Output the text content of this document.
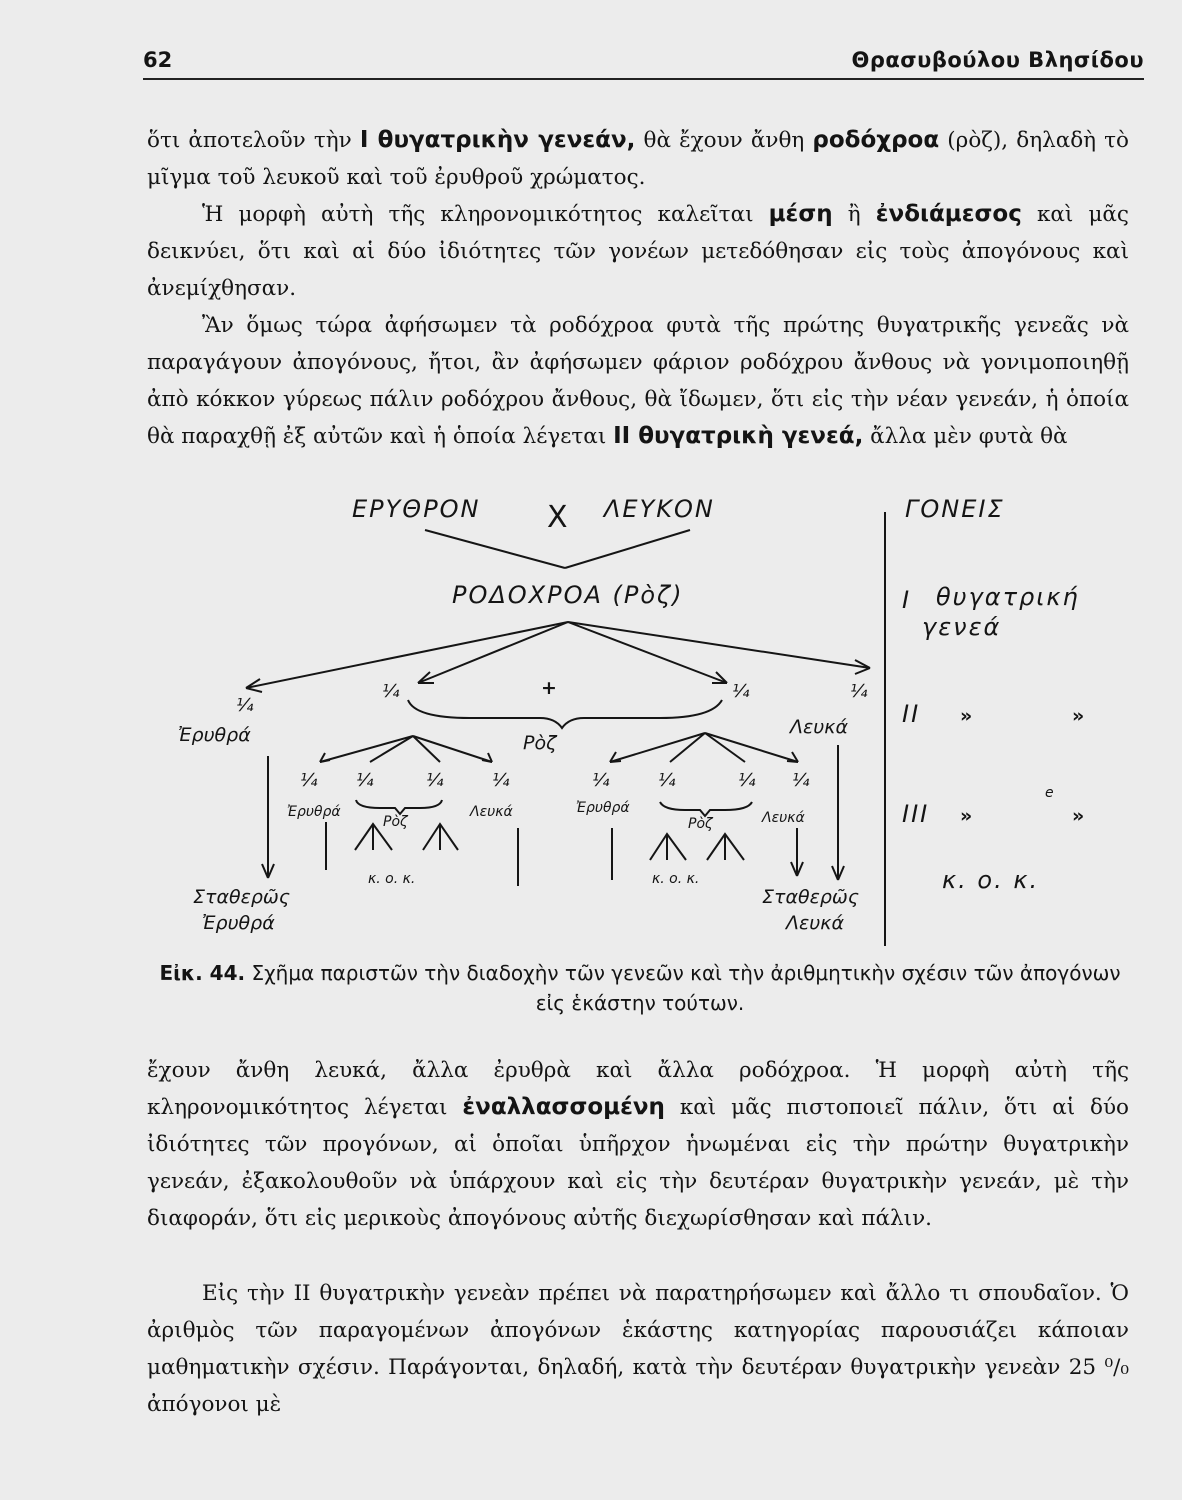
62	Θρασυβούλου Βλησίδου
ὅτι ἀποτελοῦν τὴν I θυγατρικὴν γενεάν, θὰ ἔχουν ἄνθη ροδόχροα (ρὸζ), δηλαδὴ τὸ μῖγμα τοῦ λευκοῦ καὶ τοῦ ἐρυθροῦ χρώματος.
Ἡ μορφὴ αὐτὴ τῆς κληρονομικότητος καλεῖται μέση ἢ ἐνδιάμεσος καὶ μᾶς δεικνύει, ὅτι καὶ αἱ δύο ἰδιότητες τῶν γονέων μετεδόθησαν εἰς τοὺς ἀπογόνους καὶ ἀνεμίχθησαν.
Ἂν ὅμως τώρα ἀφήσωμεν τὰ ροδόχροα φυτὰ τῆς πρώτης θυγατρικῆς γενεᾶς νὰ παραγάγουν ἀπογόνους, ἤτοι, ἂν ἀφήσωμεν φάριον ροδόχρου ἄνθους νὰ γονιμοποιηθῇ ἀπὸ κόκκον γύρεως πάλιν ροδόχρου ἄνθους, θὰ ἴδωμεν, ὅτι εἰς τὴν νέαν γενεάν, ἡ ὁποία θὰ παραχθῇ ἐξ αὐτῶν καὶ ἡ ὁποία λέγεται II θυγατρικὴ γενεά, ἄλλα μὲν φυτὰ θὰ
ΕΡΥΘΡΟΝ X ΛΕΥΚΟΝ
ΡΟΔΟΧΡΟΑ (Ρὸζ)
¼
Ἐρυθρά
¼	+	¼
Ρὸζ
¼
Λευκά
¼ ¼	¼	¼
Ἐρυθρά
Ρὸζ
Λευκά
κ. ο. κ.
¼	¼	¼ ¼
Ἐρυθρά
Ρὸζ	Λευκά
κ. ο. κ.
Σταθερῶς
Ἐρυθρά
Σταθερῶς
Λευκά
ΓΟΝΕΙΣ
I θυγατρική
γενεά
II »	»
e
III »	»
κ. ο. κ.
Εἰκ. 44. Σχῆμα παριστῶν τὴν διαδοχὴν τῶν γενεῶν καὶ τὴν ἀριθμητικὴν σχέσιν τῶν ἀπογόνων εἰς ἑκάστην τούτων.
ἔχουν ἄνθη λευκά, ἄλλα ἐρυθρὰ καὶ ἄλλα ροδόχροα. Ἡ μορφὴ αὐτὴ τῆς κληρονομικότητος λέγεται ἐναλλασσομένη καὶ μᾶς πιστοποιεῖ πάλιν, ὅτι αἱ δύο ἰδιότητες τῶν προγόνων, αἱ ὁποῖαι ὑπῆρχον ἡνωμέναι εἰς τὴν πρώτην θυγατρικὴν γενεάν, ἐξακολουθοῦν νὰ ὑπάρχουν καὶ εἰς τὴν δευτέραν θυγατρικὴν γενεάν, μὲ τὴν διαφοράν, ὅτι εἰς μερικοὺς ἀπογόνους αὐτῆς διεχωρίσθησαν καὶ πάλιν.
Εἰς τὴν II θυγατρικὴν γενεὰν πρέπει νὰ παρατηρήσωμεν καὶ ἄλλο τι σπουδαῖον. Ὁ ἀριθμὸς τῶν παραγομένων ἀπογόνων ἑκάστης κατηγορίας παρουσιάζει κάποιαν μαθηματικὴν σχέσιν. Παράγονται, δηλαδή, κατὰ τὴν δευτέραν θυγατρικὴν γενεὰν 25 ⁰/₀ ἀπόγονοι μὲ
